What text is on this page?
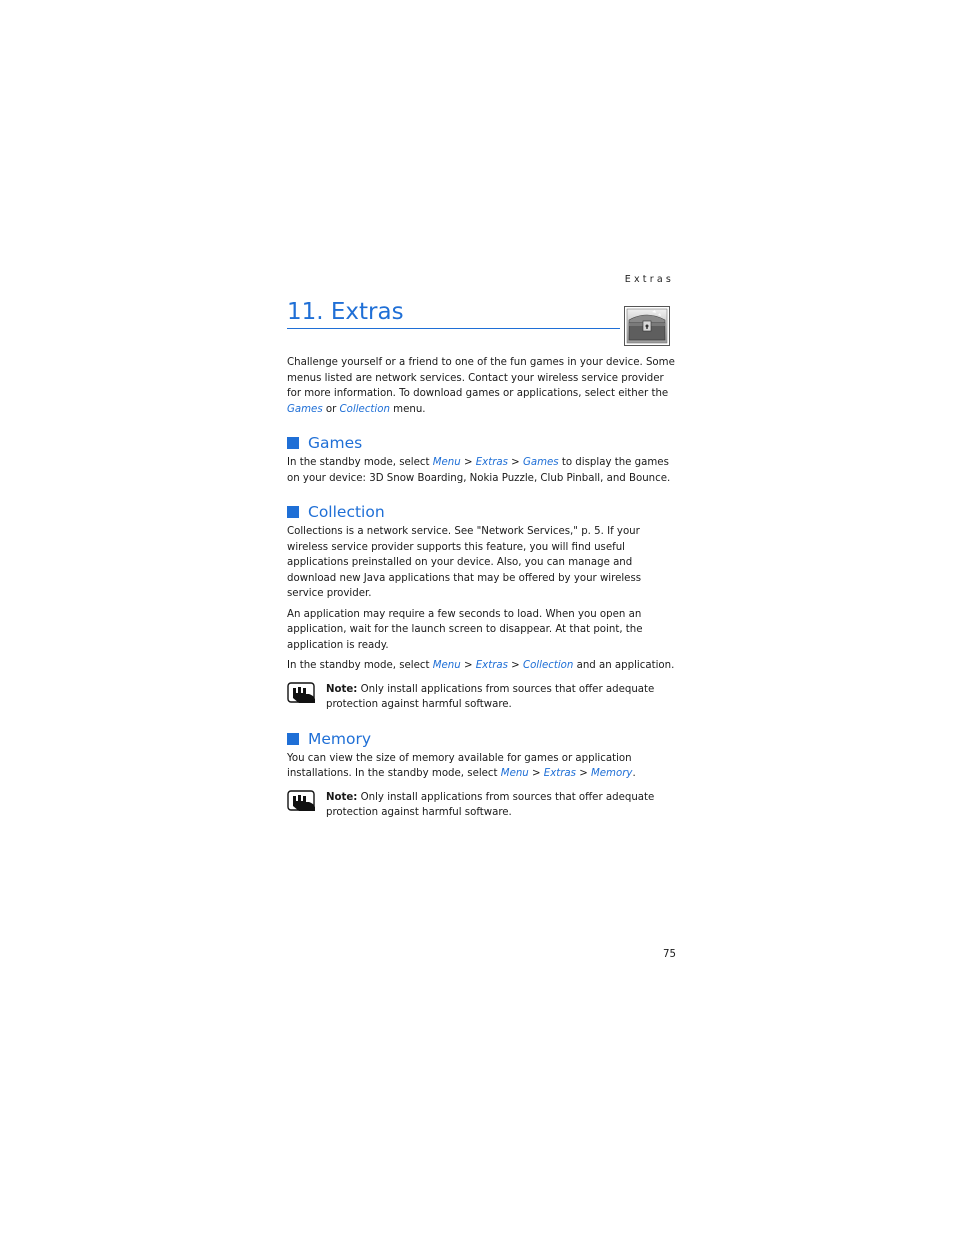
Extras
11. Extras

Challenge yourself or a friend to one of the fun games in your device. Some menus listed are network services. Contact your wireless service provider for more information. To download games or applications, select either the Games or Collection menu.

Games

In the standby mode, select Menu > Extras > Games to display the games on your device: 3D Snow Boarding, Nokia Puzzle, Club Pinball, and Bounce.

Collection

Collections is a network service. See "Network Services," p. 5. If your wireless service provider supports this feature, you will find useful applications preinstalled on your device. Also, you can manage and download new Java applications that may be offered by your wireless service provider.

An application may require a few seconds to load. When you open an application, wait for the launch screen to disappear. At that point, the application is ready.

In the standby mode, select Menu > Extras > Collection and an application.

Note: Only install applications from sources that offer adequate protection against harmful software.

Memory

You can view the size of memory available for games or application installations. In the standby mode, select Menu > Extras > Memory.

Note: Only install applications from sources that offer adequate protection against harmful software.

75
